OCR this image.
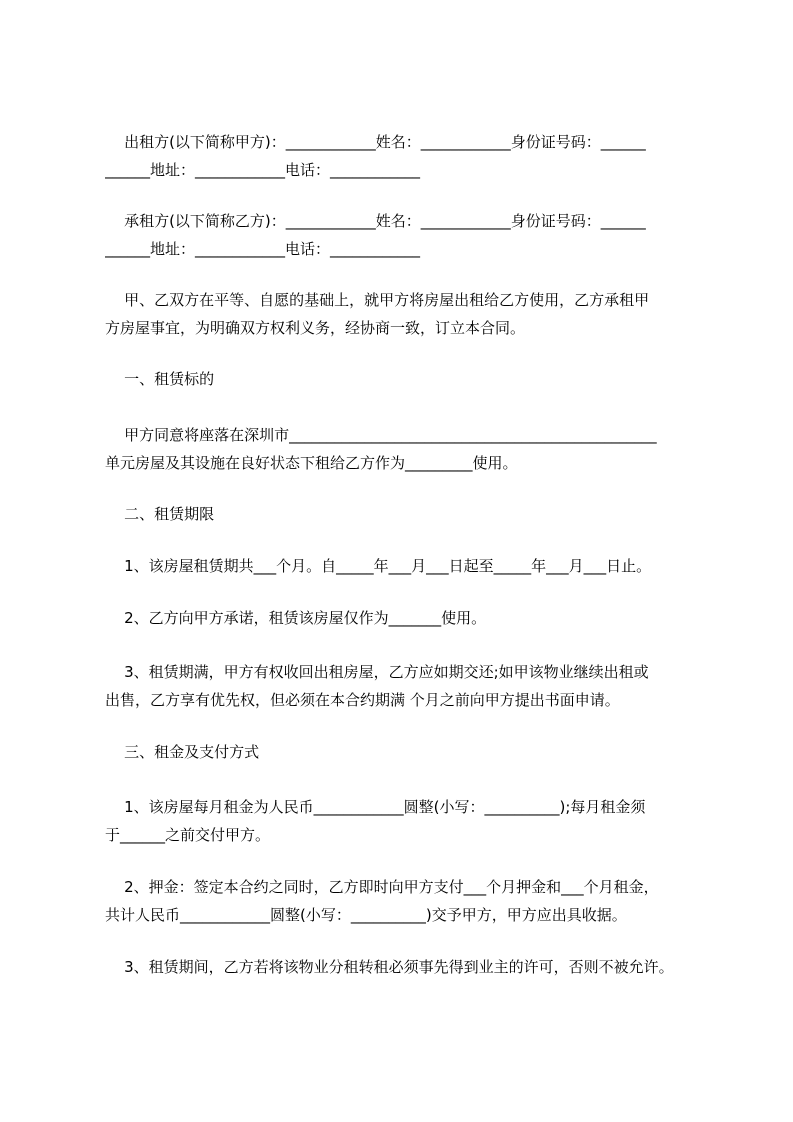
出租方(以下简称甲方)：____________姓名：____________身份证号码：______
______地址：____________电话：____________
承租方(以下简称乙方)：____________姓名：____________身份证号码：______
______地址：____________电话：____________
甲、乙双方在平等、自愿的基础上，就甲方将房屋出租给乙方使用，乙方承租甲
方房屋事宜，为明确双方权利义务，经协商一致，订立本合同。
一、租赁标的
甲方同意将座落在深圳市_________________________________________________
单元房屋及其设施在良好状态下租给乙方作为_________使用。
二、租赁期限
1、该房屋租赁期共___个月。自_____年___月___日起至_____年___月___日止。
2、乙方向甲方承诺，租赁该房屋仅作为_______使用。
3、租赁期满，甲方有权收回出租房屋，乙方应如期交还;如甲该物业继续出租或
出售，乙方享有优先权，但必须在本合约期满 个月之前向甲方提出书面申请。
三、租金及支付方式
1、该房屋每月租金为人民币____________圆整(小写：__________);每月租金须
于______之前交付甲方。
2、押金：签定本合约之同时，乙方即时向甲方支付___个月押金和___个月租金，
共计人民币____________圆整(小写：__________)交予甲方，甲方应出具收据。
3、租赁期间，乙方若将该物业分租转租必须事先得到业主的许可，否则不被允许。
